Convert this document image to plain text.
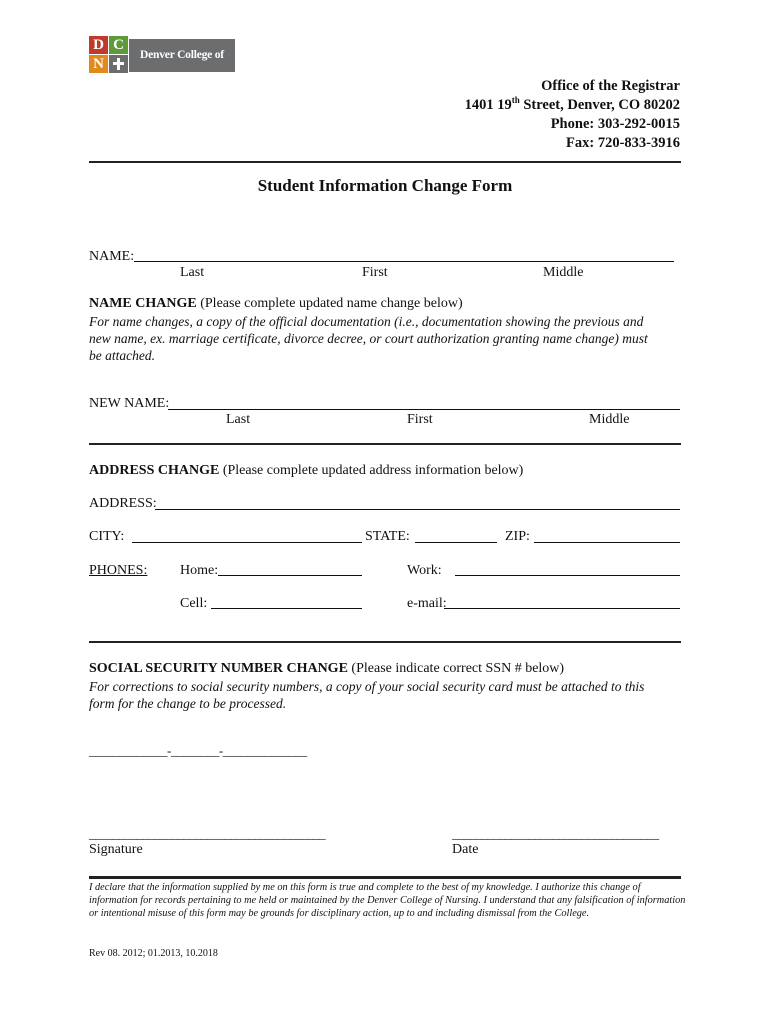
D C
N
Denver College of Nursing	Office of the Registrar
1401 19th Street, Denver, CO 80202
Phone: 303-292-0015
Fax: 720-833-3916
Student Information Change Form
NAME:
Last	First	Middle
NAME CHANGE (Please complete updated name change below)
For name changes, a copy of the official documentation (i.e., documentation showing the previous and
new name, ex. marriage certificate, divorce decree, or court authorization granting name change) must
be attached.
NEW NAME:
Last	First	Middle
ADDRESS CHANGE (Please complete updated address information below)
ADDRESS:
CITY:	STATE:	ZIP:
PHONES: Home:	Work:
Cell:	e-mail:
SOCIAL SECURITY NUMBER CHANGE (Please indicate correct SSN # below)
For corrections to social security numbers, a copy of your social security card must be attached to this
form for the change to be processed.
_____________-________-______________
________________________________________
Signature
___________________________________
Date
I declare that the information supplied by me on this form is true and complete to the best of my knowledge. I authorize this change of
information for records pertaining to me held or maintained by the Denver College of Nursing. I understand that any falsification of information
or intentional misuse of this form may be grounds for disciplinary action, up to and including dismissal from the College.
Rev 08. 2012; 01.2013, 10.2018
